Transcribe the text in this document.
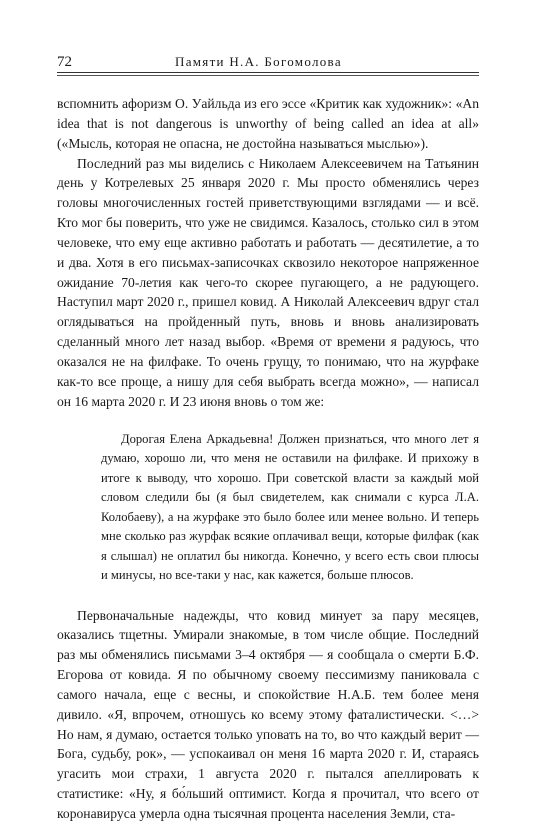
72	Памяти Н.А. Богомолова

вспомнить афоризм О. Уайльда из его эссе «Критик как художник»: «An idea that is not dangerous is unworthy of being called an idea at all» («Мысль, которая не опасна, не достойна называться мыслью»).

Последний раз мы виделись с Николаем Алексеевичем на Татьянин день у Котрелевых 25 января 2020 г. Мы просто обменялись через головы многочисленных гостей приветствующими взглядами — и всё. Кто мог бы поверить, что уже не свидимся. Казалось, столько сил в этом человеке, что ему еще активно работать и работать — десятилетие, а то и два. Хотя в его письмах-записочках сквозило некоторое напряженное ожидание 70-летия как чего-то скорее пугающего, а не радующего. Наступил март 2020 г., пришел ковид. А Николай Алексеевич вдруг стал оглядываться на пройденный путь, вновь и вновь анализировать сделанный много лет назад выбор. «Время от времени я радуюсь, что оказался не на филфаке. То очень грущу, то понимаю, что на журфаке как-то все проще, а нишу для себя выбрать всегда можно», — написал он 16 марта 2020 г. И 23 июня вновь о том же:

Дорогая Елена Аркадьевна! Должен признаться, что много лет я думаю, хорошо ли, что меня не оставили на филфаке. И прихожу в итоге к выводу, что хорошо. При советской власти за каждый мой словом следили бы (я был свидетелем, как снимали с курса Л.А. Колобаеву), а на журфаке это было более или менее вольно. И теперь мне сколько раз журфак всякие оплачивал вещи, которые филфак (как я слышал) не оплатил бы никогда. Конечно, у всего есть свои плюсы и минусы, но все-таки у нас, как кажется, больше плюсов.

Первоначальные надежды, что ковид минует за пару месяцев, оказались тщетны. Умирали знакомые, в том числе общие. Последний раз мы обменялись письмами 3–4 октября — я сообщала о смерти Б.Ф. Егорова от ковида. Я по обычному своему пессимизму паниковала с самого начала, еще с весны, и спокойствие Н.А.Б. тем более меня дивило. «Я, впрочем, отношусь ко всему этому фаталистически. <…> Но нам, я думаю, остается только уповать на то, во что каждый верит — Бога, судьбу, рок», — успокаивал он меня 16 марта 2020 г. И, стараясь угасить мои страхи, 1 августа 2020 г. пытался апеллировать к статистике: «Ну, я бо́льший оптимист. Когда я прочитал, что всего от коронавируса умерла одна тысячная процента населения Земли, ста-
